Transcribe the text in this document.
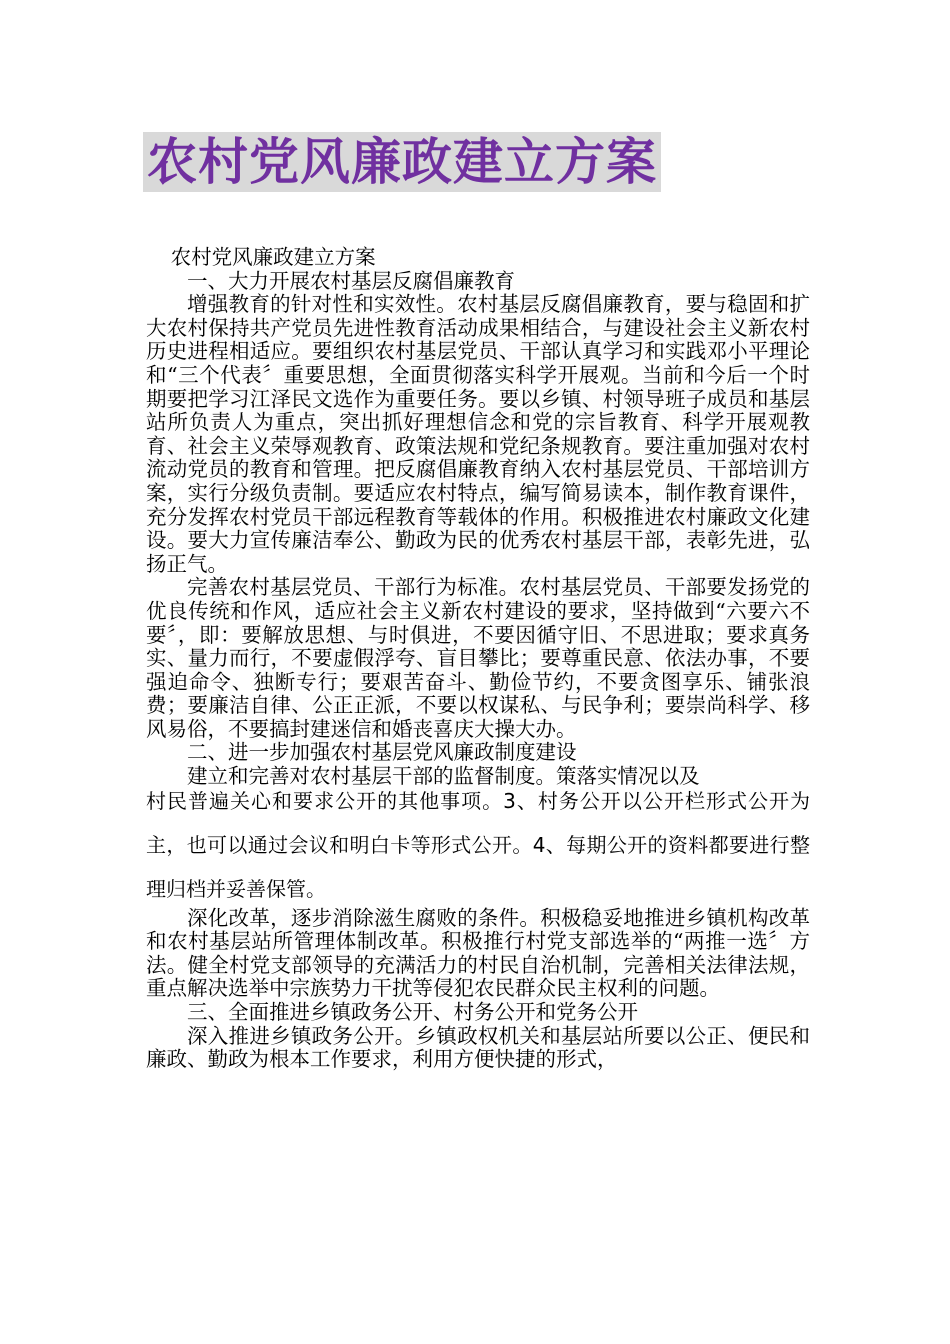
农村党风廉政建立方案

农村党风廉政建立方案

一、大力开展农村基层反腐倡廉教育

增强教育的针对性和实效性。农村基层反腐倡廉教育，要与稳固和扩大农村保持共产党员先进性教育活动成果相结合，与建设社会主义新农村历史进程相适应。要组织农村基层党员、干部认真学习和实践邓小平理论和“三个代表〞重要思想，全面贯彻落实科学开展观。当前和今后一个时期要把学习江泽民文选作为重要任务。要以乡镇、村领导班子成员和基层站所负责人为重点，突出抓好理想信念和党的宗旨教育、科学开展观教育、社会主义荣辱观教育、政策法规和党纪条规教育。要注重加强对农村流动党员的教育和管理。把反腐倡廉教育纳入农村基层党员、干部培训方案，实行分级负责制。要适应农村特点，编写简易读本，制作教育课件，充分发挥农村党员干部远程教育等载体的作用。积极推进农村廉政文化建设。要大力宣传廉洁奉公、勤政为民的优秀农村基层干部，表彰先进，弘扬正气。

完善农村基层党员、干部行为标准。农村基层党员、干部要发扬党的优良传统和作风，适应社会主义新农村建设的要求，坚持做到“六要六不要〞，即：要解放思想、与时俱进，不要因循守旧、不思进取；要求真务实、量力而行，不要虚假浮夸、盲目攀比；要尊重民意、依法办事，不要强迫命令、独断专行；要艰苦奋斗、勤俭节约，不要贪图享乐、铺张浪费；要廉洁自律、公正正派，不要以权谋私、与民争利；要崇尚科学、移风易俗，不要搞封建迷信和婚丧喜庆大操大办。

二、进一步加强农村基层党风廉政制度建设

建立和完善对农村基层干部的监督制度。策落实情况以及

村民普遍关心和要求公开的其他事项。3、村务公开以公开栏形式公开为主，也可以通过会议和明白卡等形式公开。4、每期公开的资料都要进行整理归档并妥善保管。

深化改革，逐步消除滋生腐败的条件。积极稳妥地推进乡镇机构改革和农村基层站所管理体制改革。积极推行村党支部选举的“两推一选〞方法。健全村党支部领导的充满活力的村民自治机制，完善相关法律法规，重点解决选举中宗族势力干扰等侵犯农民群众民主权利的问题。

三、全面推进乡镇政务公开、村务公开和党务公开

深入推进乡镇政务公开。乡镇政权机关和基层站所要以公正、便民和廉政、勤政为根本工作要求，利用方便快捷的形式，
